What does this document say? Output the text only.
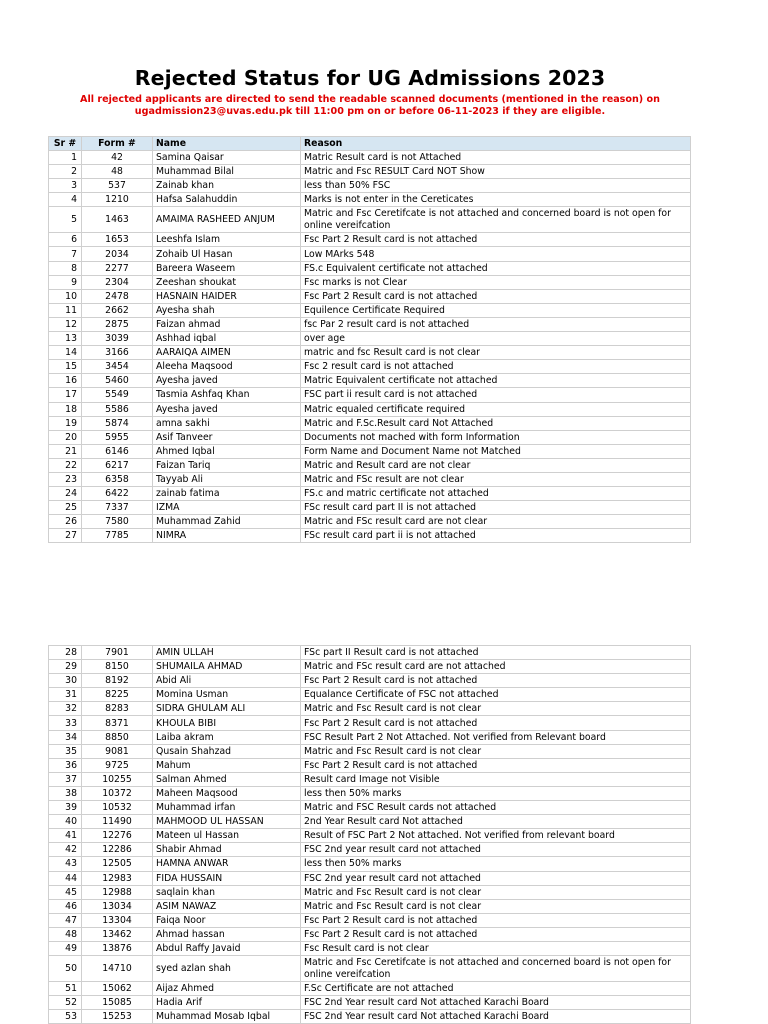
Rejected Status for UG Admissions 2023
All rejected applicants are directed to send the readable scanned documents (mentioned in the reason) on
ugadmission23@uvas.edu.pk till 11:00 pm on or before 06-11-2023 if they are eligible.
Sr #	Form #	Name	Reason
1	42	Samina Qaisar	Matric Result card is not Attached
2	48	Muhammad Bilal	Matric and Fsc RESULT Card NOT Show
3	537	Zainab khan	less than 50% FSC
4	1210	Hafsa Salahuddin	Marks is not enter in the Cereticates
5	1463	AMAIMA RASHEED ANJUM	Matric and Fsc Ceretifcate is not attached and concerned board is not open for online vereifcation
6	1653	Leeshfa Islam	Fsc Part 2 Result card is not attached
7	2034	Zohaib Ul Hasan	Low MArks 548
8	2277	Bareera Waseem	FS.c Equivalent certificate not attached
9	2304	Zeeshan shoukat	Fsc marks is not Clear
10	2478	HASNAIN HAIDER	Fsc Part 2 Result card is not attached
11	2662	Ayesha shah	Equilence Certificate Required
12	2875	Faizan ahmad	fsc Par 2 result card is not attached
13	3039	Ashhad iqbal	over age
14	3166	AARAIQA AIMEN	matric and fsc Result card is not clear
15	3454	Aleeha Maqsood	Fsc 2 result card is not attached
16	5460	Ayesha javed	Matric Equivalent certificate not attached
17	5549	Tasmia Ashfaq Khan	FSC part ii result card is not attached
18	5586	Ayesha javed	Matric equaled certificate required
19	5874	amna sakhi	Matric and F.Sc.Result card Not Attached
20	5955	Asif Tanveer	Documents not mached with form Information
21	6146	Ahmed Iqbal	Form Name and Document Name not Matched
22	6217	Faizan Tariq	Matric and Result card are not clear
23	6358	Tayyab Ali	Matric and FSc result are not clear
24	6422	zainab fatima	FS.c and matric certificate not attached
25	7337	IZMA	FSc result card part II is not attached
26	7580	Muhammad Zahid	Matric and FSc result card are not clear
27	7785	NIMRA	FSc result card part ii is not attached
28	7901	AMIN ULLAH	FSc part II Result card is not attached
29	8150	SHUMAILA AHMAD	Matric and FSc result card are not attached
30	8192	Abid Ali	Fsc Part 2 Result card is not attached
31	8225	Momina Usman	Equalance Certificate of FSC not attached
32	8283	SIDRA GHULAM ALI	Matric and Fsc Result card is not clear
33	8371	KHOULA BIBI	Fsc Part 2 Result card is not attached
34	8850	Laiba akram	FSC Result Part 2 Not Attached. Not verified from Relevant board
35	9081	Qusain Shahzad	Matric and Fsc Result card is not clear
36	9725	Mahum	Fsc Part 2 Result card is not attached
37	10255	Salman Ahmed	Result card Image not Visible
38	10372	Maheen Maqsood	less then 50% marks
39	10532	Muhammad irfan	Matric and FSC Result cards not attached
40	11490	MAHMOOD UL HASSAN	2nd Year Result card Not attached
41	12276	Mateen ul Hassan	Result of FSC Part 2 Not attached. Not verified from relevant board
42	12286	Shabir Ahmad	FSC 2nd year result card not attached
43	12505	HAMNA ANWAR	less then 50% marks
44	12983	FIDA HUSSAIN	FSC 2nd year result card not attached
45	12988	saqlain khan	Matric and Fsc Result card is not clear
46	13034	ASIM NAWAZ	Matric and Fsc Result card is not clear
47	13304	Faiqa Noor	Fsc Part 2 Result card is not attached
48	13462	Ahmad hassan	Fsc Part 2 Result card is not attached
49	13876	Abdul Raffy Javaid	Fsc Result card is not clear
50	14710	syed azlan shah	Matric and Fsc Ceretifcate is not attached and concerned board is not open for online vereifcation
51	15062	Aijaz Ahmed	F.Sc Certificate are not attached
52	15085	Hadia Arif	FSC 2nd Year result card Not attached Karachi Board
53	15253	Muhammad Mosab Iqbal	FSC 2nd Year result card Not attached Karachi Board
